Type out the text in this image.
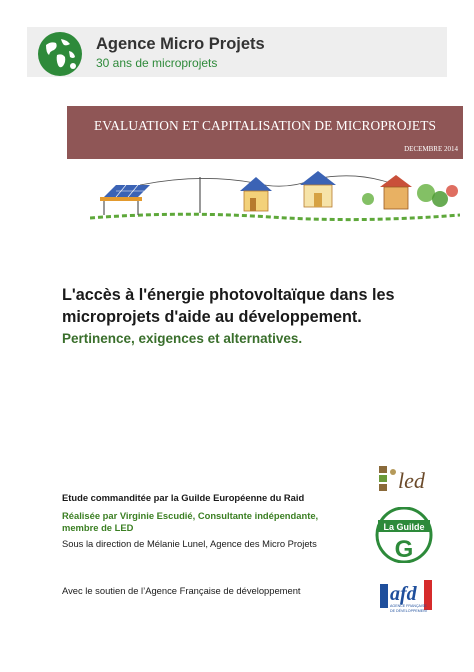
Agence Micro Projets
30 ans de microprojets
EVALUATION ET CAPITALISATION DE MICROPROJETS
DECEMBRE 2014
L'accès à l'énergie photovoltaïque dans les microprojets d'aide au développement.
Pertinence, exigences et alternatives.
Etude commanditée par la Guilde Européenne du Raid
Réalisée par Virginie Escudié, Consultante indépendante, membre de LED
Sous la direction de Mélanie Lunel, Agence des Micro Projets
Avec le soutien de l’Agence Française de développement
led
La Guilde
G
afd
AGENCE FRANÇAISE
DE DÉVELOPPEMENT
